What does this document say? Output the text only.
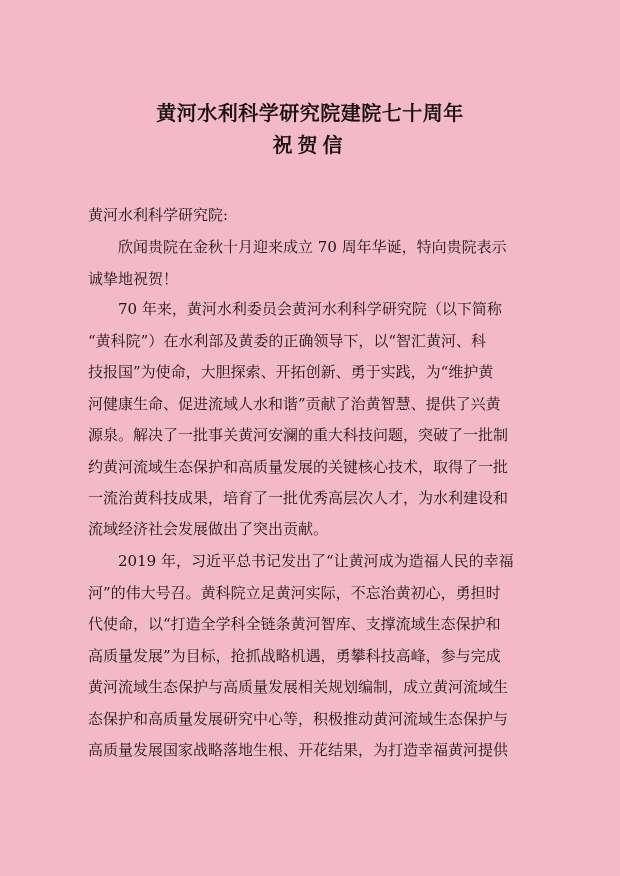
黄河水利科学研究院建院七十周年
祝贺信
黄河水利科学研究院:
　　欣闻贵院在金秋十月迎来成立 70 周年华诞，特向贵院表示
诚挚地祝贺！
　　70 年来，黄河水利委员会黄河水利科学研究院（以下简称
“黄科院”）在水利部及黄委的正确领导下，以“智汇黄河、科
技报国”为使命，大胆探索、开拓创新、勇于实践，为“维护黄
河健康生命、促进流域人水和谐”贡献了治黄智慧、提供了兴黄
源泉。解决了一批事关黄河安澜的重大科技问题，突破了一批制
约黄河流域生态保护和高质量发展的关键核心技术，取得了一批
一流治黄科技成果，培育了一批优秀高层次人才，为水利建设和
流域经济社会发展做出了突出贡献。
　　2019 年，习近平总书记发出了“让黄河成为造福人民的幸福
河”的伟大号召。黄科院立足黄河实际，不忘治黄初心，勇担时
代使命，以“打造全学科全链条黄河智库、支撑流域生态保护和
高质量发展”为目标，抢抓战略机遇，勇攀科技高峰，参与完成
黄河流域生态保护与高质量发展相关规划编制，成立黄河流域生
态保护和高质量发展研究中心等，积极推动黄河流域生态保护与
高质量发展国家战略落地生根、开花结果，为打造幸福黄河提供
